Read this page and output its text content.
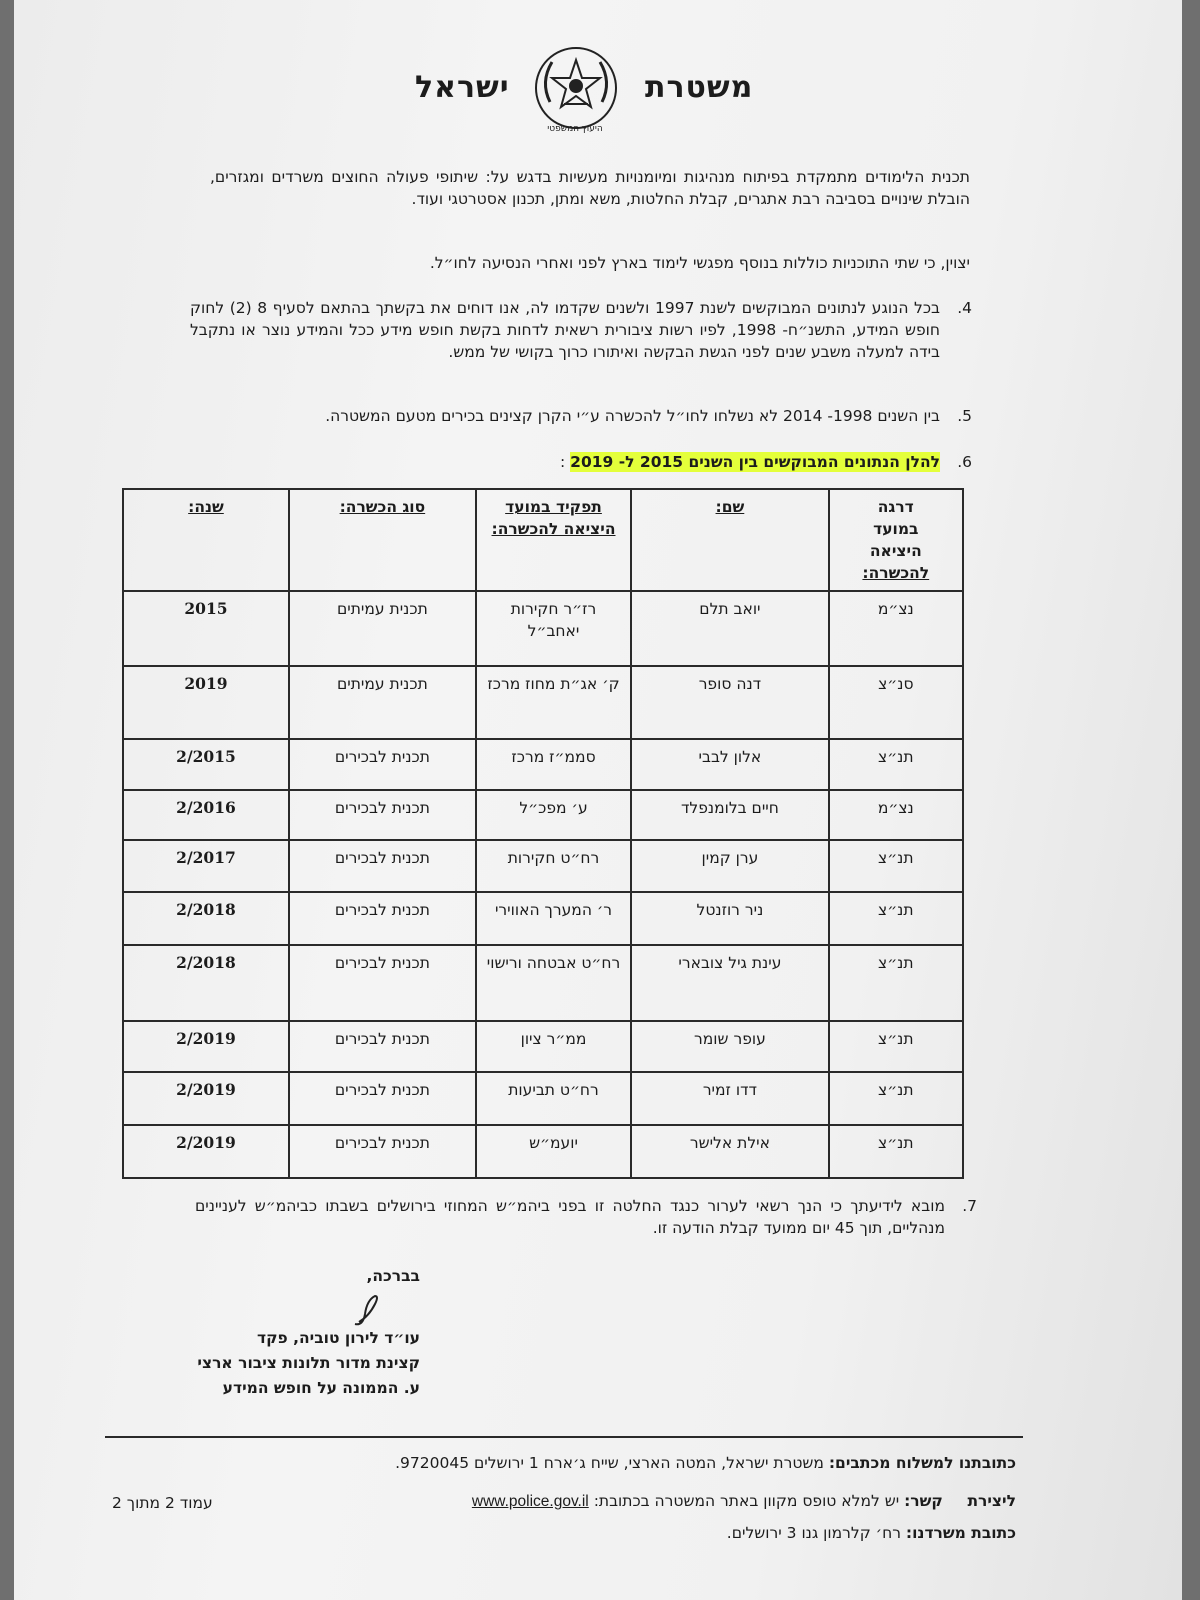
משטרת
ישראל
היעוץ המשפטי
תכנית הלימודים מתמקדת בפיתוח מנהיגות ומיומנויות מעשיות בדגש על: שיתופי פעולה החוצים משרדים ומגזרים, הובלת שינויים בסביבה רבת אתגרים, קבלת החלטות, משא ומתן, תכנון אסטרטגי ועוד.
יצוין, כי שתי התוכניות כוללות בנוסף מפגשי לימוד בארץ לפני ואחרי הנסיעה לחו״ל.
4.
בכל הנוגע לנתונים המבוקשים לשנת 1997 ולשנים שקדמו לה, אנו דוחים את בקשתך בהתאם לסעיף 8 (2) לחוק חופש המידע, התשנ״ח- 1998, לפיו רשות ציבורית רשאית לדחות בקשת חופש מידע ככל והמידע נוצר או נתקבל בידה למעלה משבע שנים לפני הגשת הבקשה ואיתורו כרוך בקושי של ממש.
5.
בין השנים 1998- 2014 לא נשלחו לחו״ל להכשרה ע״י הקרן קצינים בכירים מטעם המשטרה.
6.
להלן הנתונים המבוקשים בין השנים 2015 ל- 2019 :
דרגה
במועד
היציאה
להכשרה:	שם:	תפקיד במועד היציאה להכשרה:	סוג הכשרה:	שנה:
נצ״מ	יואב תלם	רז״ר חקירות יאחב״ל	תכנית עמיתים	2015
סנ״צ	דנה סופר	ק׳ אג״ת מחוז מרכז	תכנית עמיתים	2019
תנ״צ	אלון לבבי	סממ״ז מרכז	תכנית לבכירים	2/2015
נצ״מ	חיים בלומנפלד	ע׳ מפכ״ל	תכנית לבכירים	2/2016
תנ״צ	ערן קמין	רח״ט חקירות	תכנית לבכירים	2/2017
תנ״צ	ניר רוזנטל	ר׳ המערך האווירי	תכנית לבכירים	2/2018
תנ״צ	עינת גיל צובארי	רח״ט אבטחה ורישוי	תכנית לבכירים	2/2018
תנ״צ	עופר שומר	ממ״ר ציון	תכנית לבכירים	2/2019
תנ״צ	דדו זמיר	רח״ט תביעות	תכנית לבכירים	2/2019
תנ״צ	אילת אלישר	יועמ״ש	תכנית לבכירים	2/2019
7.
מובא לידיעתך כי הנך רשאי לערור כנגד החלטה זו בפני ביהמ״ש המחוזי בירושלים בשבתו כביהמ״ש לעניינים מנהליים, תוך 45 יום ממועד קבלת הודעה זו.
בברכה,
עו״ד לירון טוביה, פקד
קצינת מדור תלונות ציבור ארצי
ע. הממונה על חופש המידע
כתובתנו למשלוח מכתבים: משטרת ישראל, המטה הארצי, שייח ג׳ארח 1 ירושלים 9720045.
ליצירת     קשר: יש למלא טופס מקוון באתר המשטרה בכתובת: www.police.gov.il
כתובת משרדנו: רח׳ קלרמון גנו 3 ירושלים.
עמוד 2 מתוך 2
